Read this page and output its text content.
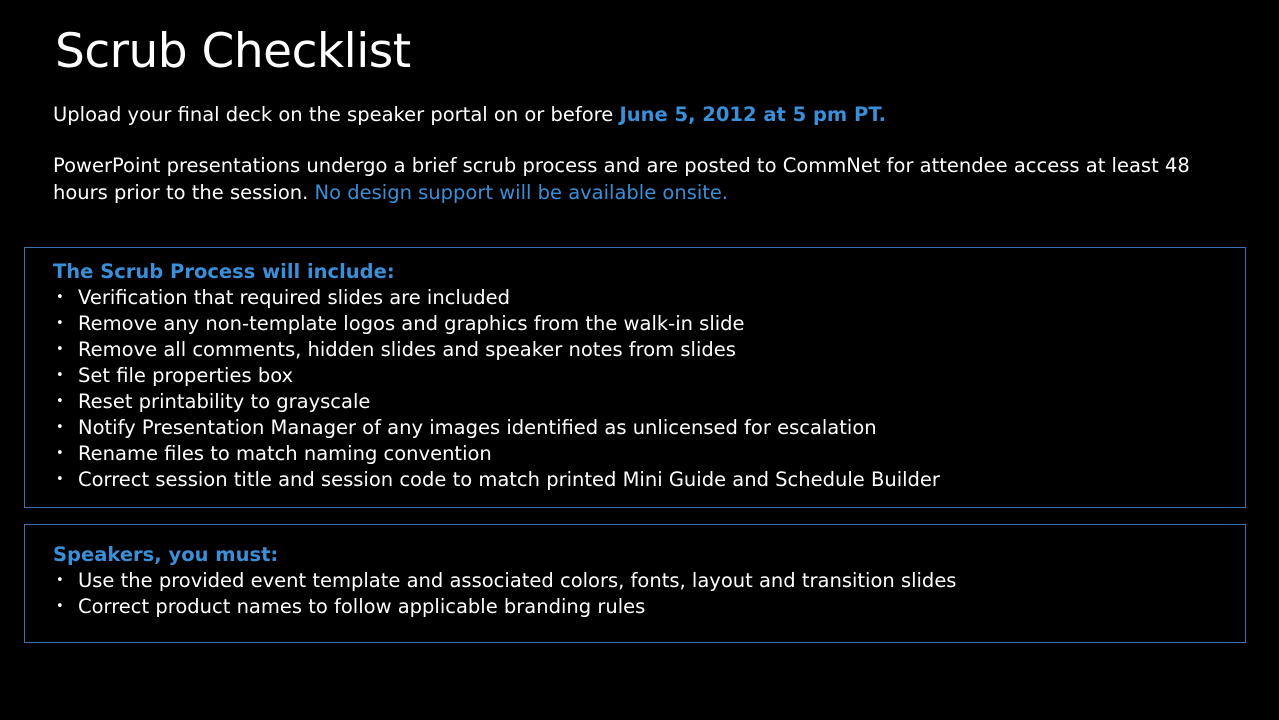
Scrub Checklist

Upload your final deck on the speaker portal on or before June 5, 2012 at 5 pm PT.

PowerPoint presentations undergo a brief scrub process and are posted to CommNet for attendee access at least 48 hours prior to the session. No design support will be available onsite.

The Scrub Process will include:
• Verification that required slides are included
• Remove any non-template logos and graphics from the walk-in slide
• Remove all comments, hidden slides and speaker notes from slides
• Set file properties box
• Reset printability to grayscale
• Notify Presentation Manager of any images identified as unlicensed for escalation
• Rename files to match naming convention
• Correct session title and session code to match printed Mini Guide and Schedule Builder
Speakers, you must:
• Use the provided event template and associated colors, fonts, layout and transition slides
• Correct product names to follow applicable branding rules
